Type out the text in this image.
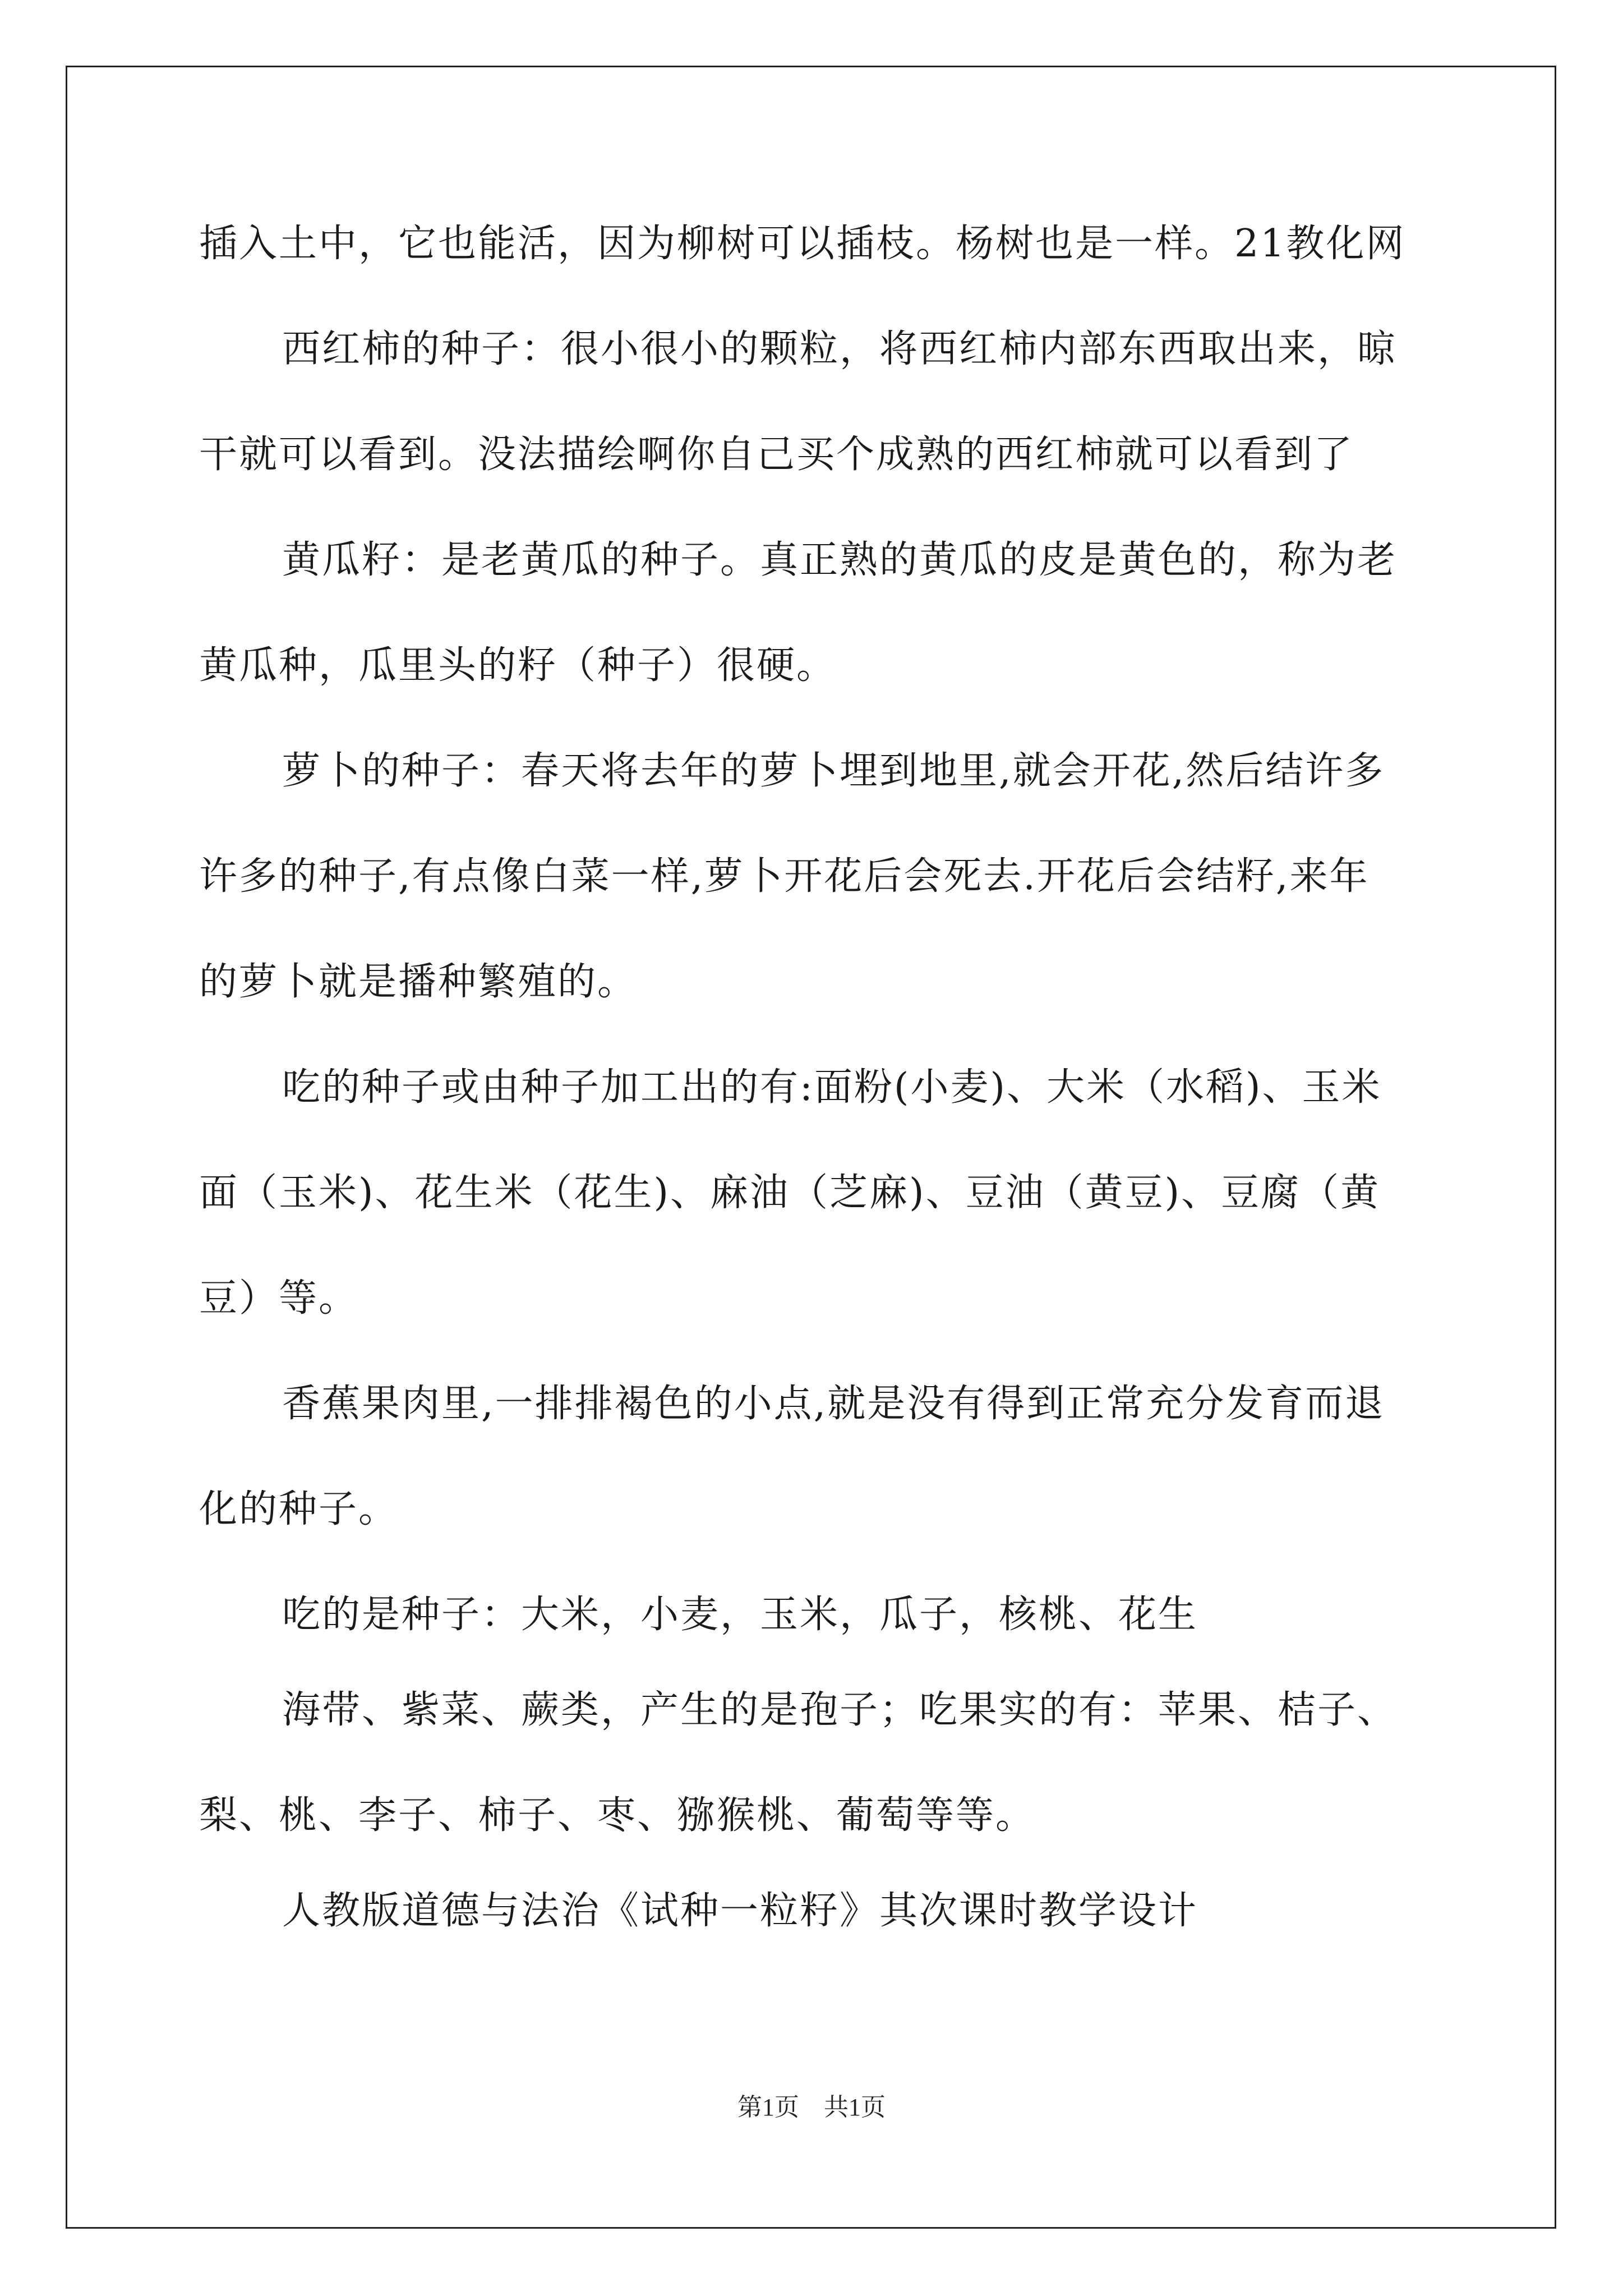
插入土中，它也能活，因为柳树可以插枝。杨树也是一样。21教化网
西红柿的种子：很小很小的颗粒，将西红柿内部东西取出来，晾
干就可以看到。没法描绘啊你自己买个成熟的西红柿就可以看到了
黄瓜籽：是老黄瓜的种子。真正熟的黄瓜的皮是黄色的，称为老
黄瓜种，瓜里头的籽（种子）很硬。
萝卜的种子：春天将去年的萝卜埋到地里,就会开花,然后结许多
许多的种子,有点像白菜一样,萝卜开花后会死去.开花后会结籽,来年
的萝卜就是播种繁殖的。
吃的种子或由种子加工出的有:面粉(小麦)、大米（水稻)、玉米
面（玉米)、花生米（花生)、麻油（芝麻)、豆油（黄豆)、豆腐（黄
豆）等。
香蕉果肉里,一排排褐色的小点,就是没有得到正常充分发育而退
化的种子。
吃的是种子：大米，小麦，玉米，瓜子，核桃、花生
海带、紫菜、蕨类，产生的是孢子；吃果实的有：苹果、桔子、
梨、桃、李子、柿子、枣、猕猴桃、葡萄等等。
人教版道德与法治《试种一粒籽》其次课时教学设计
第1页　共1页
